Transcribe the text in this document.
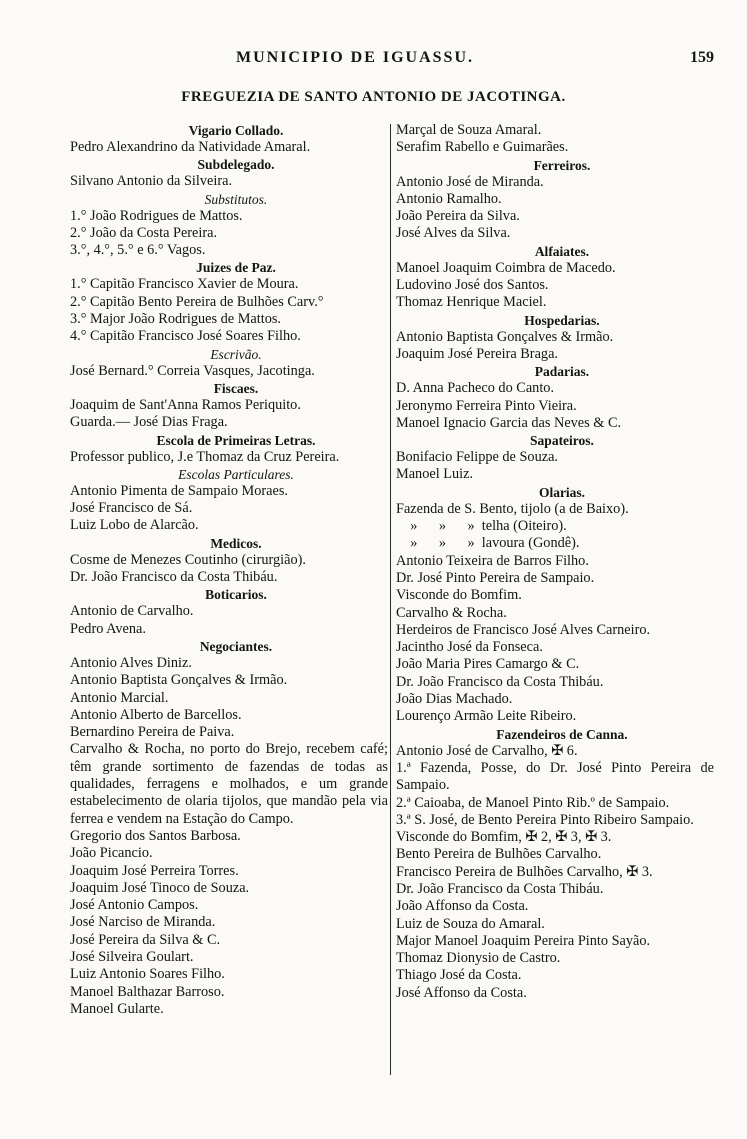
MUNICIPIO DE IGUASSU.	159
FREGUEZIA DE SANTO ANTONIO DE JACOTINGA.
Vigario Collado.
Pedro Alexandrino da Natividade Amaral.
Subdelegado.
Silvano Antonio da Silveira.
Substitutos.
1.° João Rodrigues de Mattos.
2.° João da Costa Pereira.
3.°, 4.°, 5.° e 6.° Vagos.
Juizes de Paz.
1.° Capitão Francisco Xavier de Moura.
2.° Capitão Bento Pereira de Bulhões Carv.°
3.° Major João Rodrigues de Mattos.
4.° Capitão Francisco José Soares Filho.
Escrivão.
José Bernard.° Correia Vasques, Jacotinga.
Fiscaes.
Joaquim de Sant'Anna Ramos Periquito.
Guarda.— José Dias Fraga.
Escola de Primeiras Letras.
Professor publico, J.e Thomaz da Cruz Pereira.
Escolas Particulares.
Antonio Pimenta de Sampaio Moraes.
José Francisco de Sá.
Luiz Lobo de Alarcão.
Medicos.
Cosme de Menezes Coutinho (cirurgião).
Dr. João Francisco da Costa Thibáu.
Boticarios.
Antonio de Carvalho.
Pedro Avena.
Negociantes.
Antonio Alves Diniz.
Antonio Baptista Gonçalves & Irmão.
Antonio Marcial.
Antonio Alberto de Barcellos.
Bernardino Pereira de Paiva.
Carvalho & Rocha, no porto do Brejo, recebem café; têm grande sortimento de fazendas de todas as qualidades, ferragens e molhados, e um grande estabelecimento de olaria tijolos, que mandão pela via ferrea e vendem na Estação do Campo.
Gregorio dos Santos Barbosa.
João Picancio.
Joaquim José Perreira Torres.
Joaquim José Tinoco de Souza.
José Antonio Campos.
José Narciso de Miranda.
José Pereira da Silva & C.
José Silveira Goulart.
Luiz Antonio Soares Filho.
Manoel Balthazar Barroso.
Manoel Gularte.
Marçal de Souza Amaral.
Serafim Rabello e Guimarães.
Ferreiros.
Antonio José de Miranda.
Antonio Ramalho.
João Pereira da Silva.
José Alves da Silva.
Alfaiates.
Manoel Joaquim Coimbra de Macedo.
Ludovino José dos Santos.
Thomaz Henrique Maciel.
Hospedarias.
Antonio Baptista Gonçalves & Irmão.
Joaquim José Pereira Braga.
Padarias.
D. Anna Pacheco do Canto.
Jeronymo Ferreira Pinto Vieira.
Manoel Ignacio Garcia das Neves & C.
Sapateiros.
Bonifacio Felippe de Souza.
Manoel Luiz.
Olarias.
Fazenda de S. Bento, tijolo (a de Baixo).
»      »      »  telha (Oiteiro).
»      »      »  lavoura (Gondê).
Antonio Teixeira de Barros Filho.
Dr. José Pinto Pereira de Sampaio.
Visconde do Bomfim.
Carvalho & Rocha.
Herdeiros de Francisco José Alves Carneiro.
Jacintho José da Fonseca.
João Maria Pires Camargo & C.
Dr. João Francisco da Costa Thibáu.
João Dias Machado.
Lourenço Armão Leite Ribeiro.
Fazendeiros de Canna.
Antonio José de Carvalho, ✠ 6.
1.ª Fazenda, Posse, do Dr. José Pinto Pereira de Sampaio.
2.ª Caioaba, de Manoel Pinto Rib.º de Sampaio.
3.ª S. José, de Bento Pereira Pinto Ribeiro Sampaio.
Visconde do Bomfim, ✠ 2, ✠ 3, ✠ 3.
Bento Pereira de Bulhões Carvalho.
Francisco Pereira de Bulhões Carvalho, ✠ 3.
Dr. João Francisco da Costa Thibáu.
João Affonso da Costa.
Luiz de Souza do Amaral.
Major Manoel Joaquim Pereira Pinto Sayão.
Thomaz Dionysio de Castro.
Thiago José da Costa.
José Affonso da Costa.
